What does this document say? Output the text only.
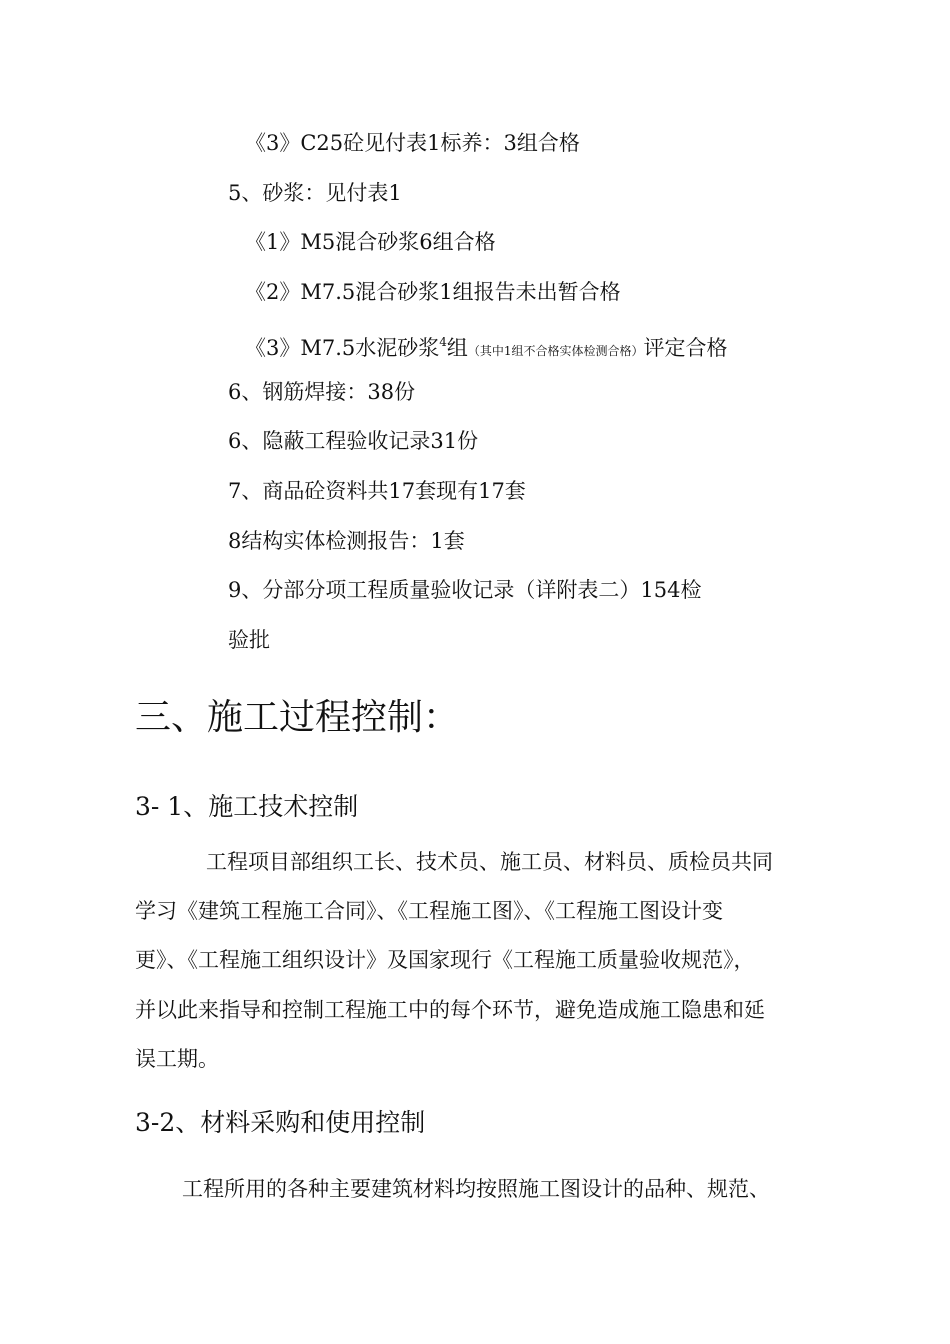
《3》C25砼见付表1标养：3组合格
5、砂浆：见付表1
《1》M5混合砂浆6组合格
《2》M7.5混合砂浆1组报告未出暂合格
《3》M7.5水泥砂浆$^4$组（其中1组不合格实体检测合格）评定合格
6、钢筋焊接：38份
6、隐蔽工程验收记录31份
7、商品砼资料共17套现有17套
8结构实体检测报告：1套
9、分部分项工程质量验收记录（详附表二）154检
验批
三、施工过程控制：
3- 1、施工技术控制
工程项目部组织工长、技术员、施工员、材料员、质检员共同
学习《建筑工程施工合同》、《工程施工图》、《工程施工图设计变
更》、《工程施工组织设计》及国家现行《工程施工质量验收规范》，
并以此来指导和控制工程施工中的每个环节，避免造成施工隐患和延
误工期。
3-2、材料采购和使用控制
工程所用的各种主要建筑材料均按照施工图设计的品种、规范、
